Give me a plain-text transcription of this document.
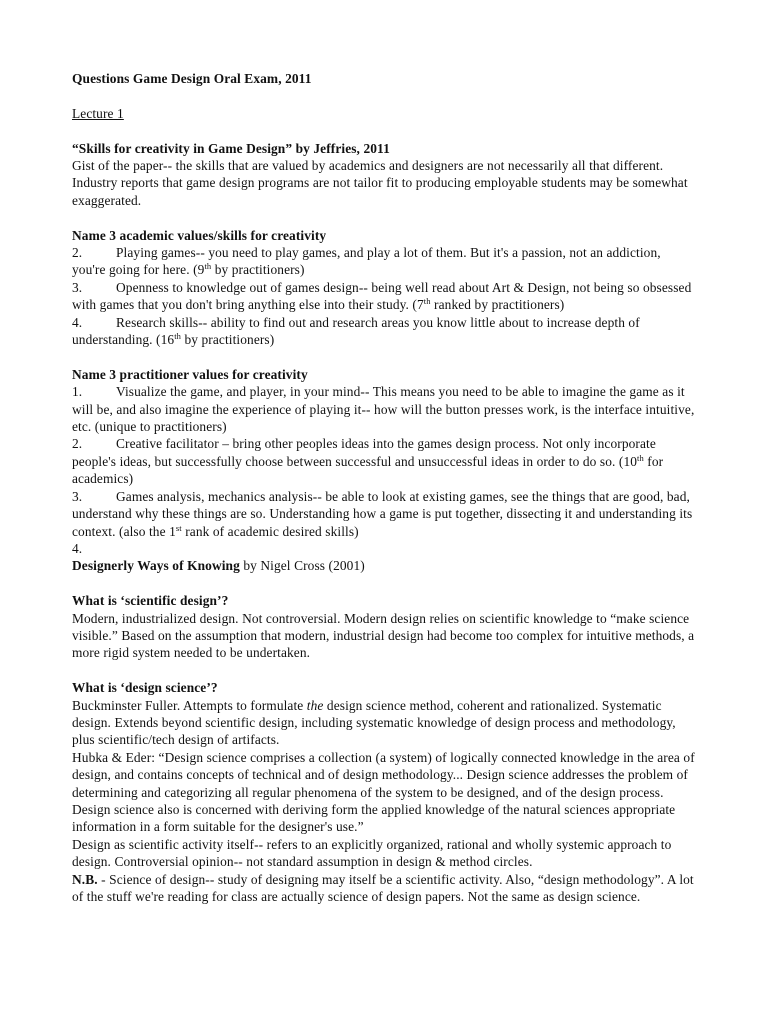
Questions Game Design Oral Exam, 2011

Lecture 1

“Skills for creativity in Game Design” by Jeffries, 2011

Gist of the paper-- the skills that are valued by academics and designers are not necessarily all that different. Industry reports that game design programs are not tailor fit to producing employable students may be somewhat exaggerated.

Name 3 academic values/skills for creativity

2.	Playing games-- you need to play games, and play a lot of them. But it's a passion, not an addiction, you're going for here. (9th by practitioners)

3.	Openness to knowledge out of games design-- being well read about Art & Design, not being so obsessed with games that you don't bring anything else into their study. (7th ranked by practitioners)

4.	Research skills-- ability to find out and research areas you know little about to increase depth of understanding. (16th by practitioners)

Name 3 practitioner values for creativity

1.	Visualize the game, and player, in your mind-- This means you need to be able to imagine the game as it will be, and also imagine the experience of playing it-- how will the button presses work, is the interface intuitive, etc. (unique to practitioners)

2.	Creative facilitator – bring other peoples ideas into the games design process. Not only incorporate people's ideas, but successfully choose between successful and unsuccessful ideas in order to do so. (10th for academics)

3.	Games analysis, mechanics analysis-- be able to look at existing games, see the things that are good, bad, understand why these things are so. Understanding how a game is put together, dissecting it and understanding its context. (also the 1st rank of academic desired skills)

4.

Designerly Ways of Knowing by Nigel Cross (2001)

What is ‘scientific design’?

Modern, industrialized design. Not controversial. Modern design relies on scientific knowledge to “make science visible.” Based on the assumption that modern, industrial design had become too complex for intuitive methods, a more rigid system needed to be undertaken.

What is ‘design science’?

Buckminster Fuller. Attempts to formulate the design science method, coherent and rationalized. Systematic design. Extends beyond scientific design, including systematic knowledge of design process and methodology, plus scientific/tech design of artifacts.

Hubka & Eder: “Design science comprises a collection (a system) of logically connected knowledge in the area of design, and contains concepts of technical and of design methodology... Design science addresses the problem of determining and categorizing all regular phenomena of the system to be designed, and of the design process. Design science also is concerned with deriving form the applied knowledge of the natural sciences appropriate information in a form suitable for the designer's use.”

Design as scientific activity itself-- refers to an explicitly organized, rational and wholly systemic approach to design. Controversial opinion-- not standard assumption in design & method circles.

N.B. - Science of design-- study of designing may itself be a scientific activity. Also, “design methodology”. A lot of the stuff we're reading for class are actually science of design papers. Not the same as design science.
